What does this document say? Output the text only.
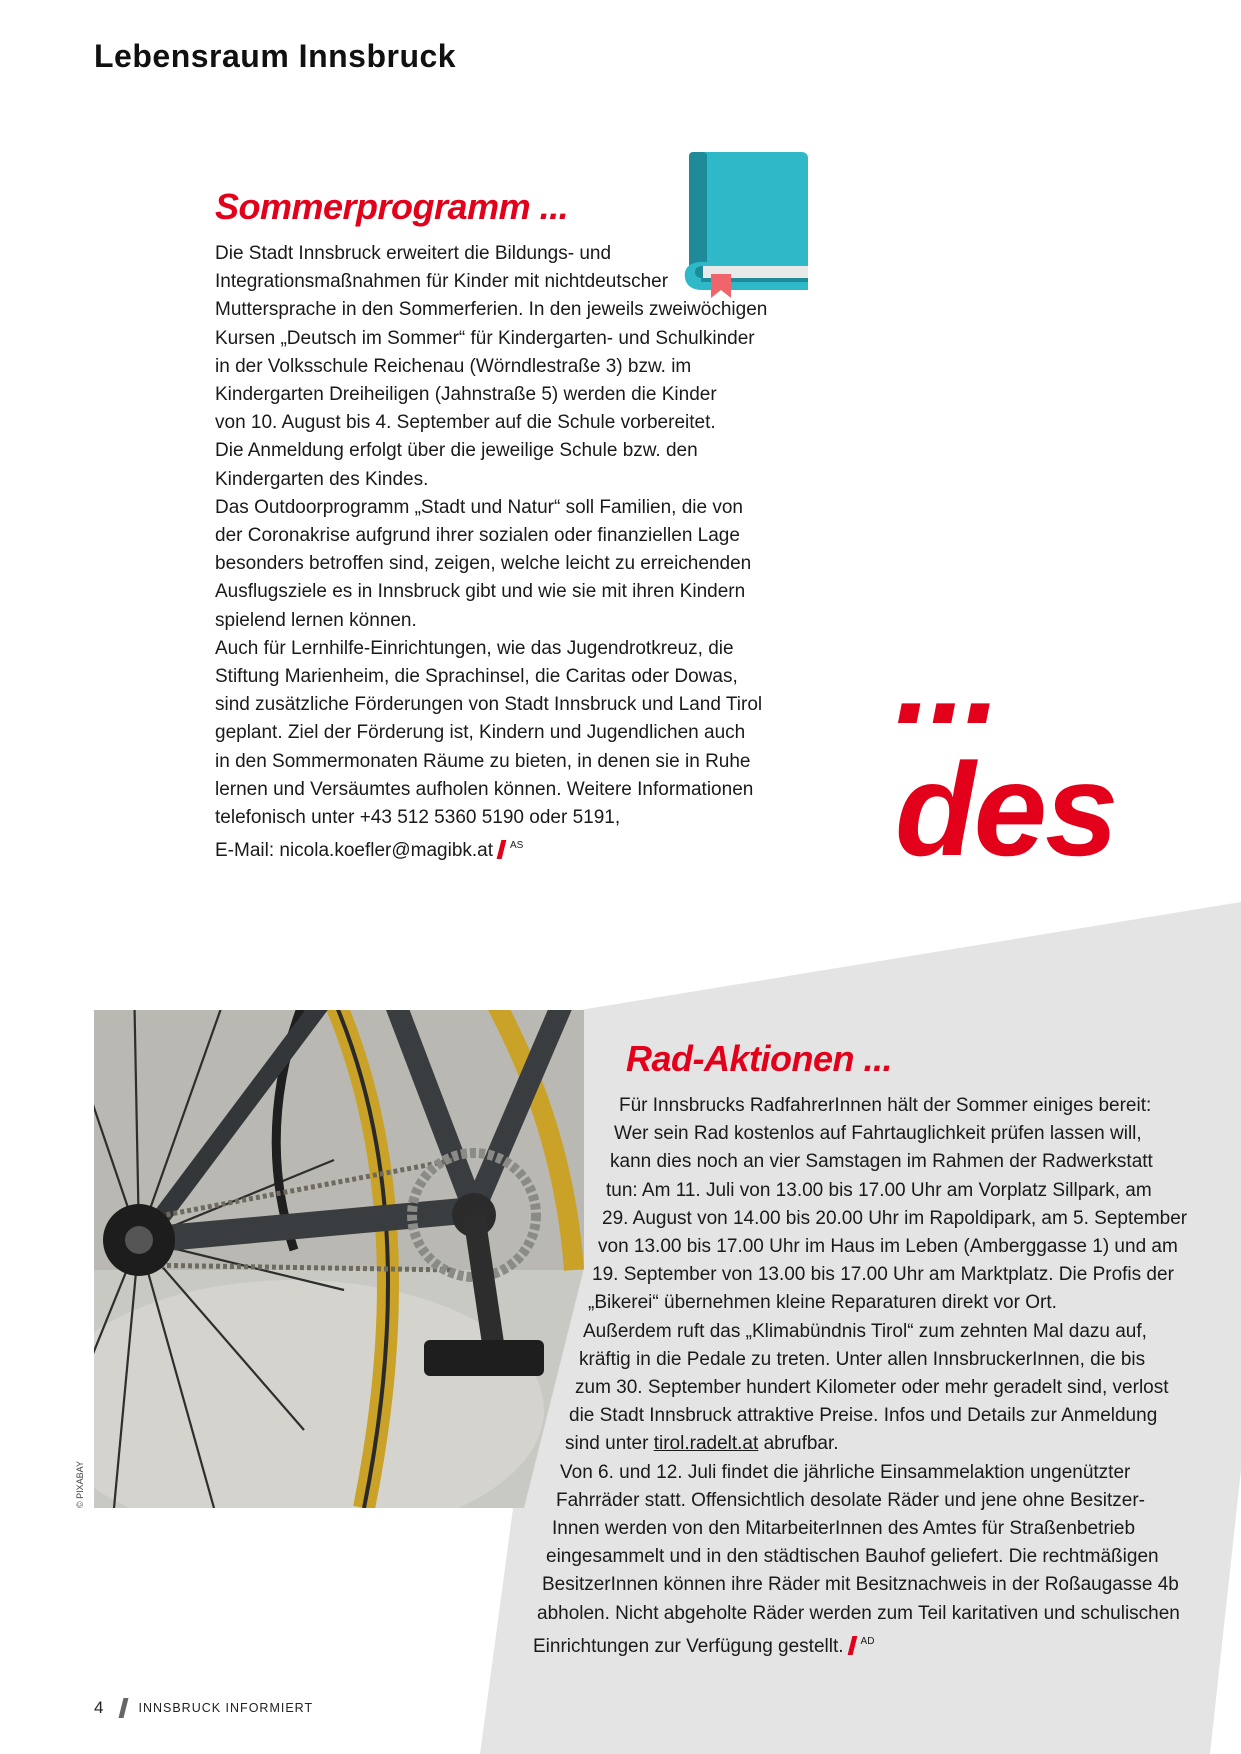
Lebensraum Innsbruck
Sommerprogramm ...
Die Stadt Innsbruck erweitert die Bildungs- und
Integrationsmaßnahmen für Kinder mit nichtdeutscher
Muttersprache in den Sommerferien. In den jeweils zweiwöchigen
Kursen „Deutsch im Sommer“ für Kindergarten- und Schulkinder
in der Volksschule Reichenau (Wörndlestraße 3) bzw. im
Kindergarten Dreiheiligen (Jahnstraße 5) werden die Kinder
von 10. August bis 4. September auf die Schule vorbereitet.
Die Anmeldung erfolgt über die jeweilige Schule bzw. den
Kindergarten des Kindes.
Das Outdoorprogramm „Stadt und Natur“ soll Familien, die von
der Coronakrise aufgrund ihrer sozialen oder finanziellen Lage
besonders betroffen sind, zeigen, welche leicht zu erreichenden
Ausflugsziele es in Innsbruck gibt und wie sie mit ihren Kindern
spielend lernen können.
Auch für Lernhilfe-Einrichtungen, wie das Jugendrotkreuz, die
Stiftung Marienheim, die Sprachinsel, die Caritas oder Dowas,
sind zusätzliche Förderungen von Stadt Innsbruck und Land Tirol
geplant. Ziel der Förderung ist, Kindern und Jugendlichen auch
in den Sommermonaten Räume zu bieten, in denen sie in Ruhe
lernen und Versäumtes aufholen können. Weitere Informationen
telefonisch unter +43 512 5360 5190 oder 5191,
E-Mail: nicola.koefler@magibk.at $^{AS}$
... des
© PIXABAY
Rad-Aktionen ...
Für Innsbrucks RadfahrerInnen hält der Sommer einiges bereit:
Wer sein Rad kostenlos auf Fahrtauglichkeit prüfen lassen will,
kann dies noch an vier Samstagen im Rahmen der Radwerkstatt
tun: Am 11. Juli von 13.00 bis 17.00 Uhr am Vorplatz Sillpark, am
29. August von 14.00 bis 20.00 Uhr im Rapoldipark, am 5. September
von 13.00 bis 17.00 Uhr im Haus im Leben (Amberggasse 1) und am
19. September von 13.00 bis 17.00 Uhr am Marktplatz. Die Profis der
„Bikerei“ übernehmen kleine Reparaturen direkt vor Ort.
Außerdem ruft das „Klimabündnis Tirol“ zum zehnten Mal dazu auf,
kräftig in die Pedale zu treten. Unter allen InnsbruckerInnen, die bis
zum 30. September hundert Kilometer oder mehr geradelt sind, verlost
die Stadt Innsbruck attraktive Preise. Infos und Details zur Anmeldung
sind unter tirol.radelt.at abrufbar.
Von 6. und 12. Juli findet die jährliche Einsammelaktion ungenützter
Fahrräder statt. Offensichtlich desolate Räder und jene ohne Besitzer-
Innen werden von den MitarbeiterInnen des Amtes für Straßenbetrieb
eingesammelt und in den städtischen Bauhof geliefert. Die rechtmäßigen
BesitzerInnen können ihre Räder mit Besitznachweis in der Roßaugasse 4b
abholen. Nicht abgeholte Räder werden zum Teil karitativen und schulischen
Einrichtungen zur Verfügung gestellt. $^{AD}$
4	INNSBRUCK INFORMIERT
